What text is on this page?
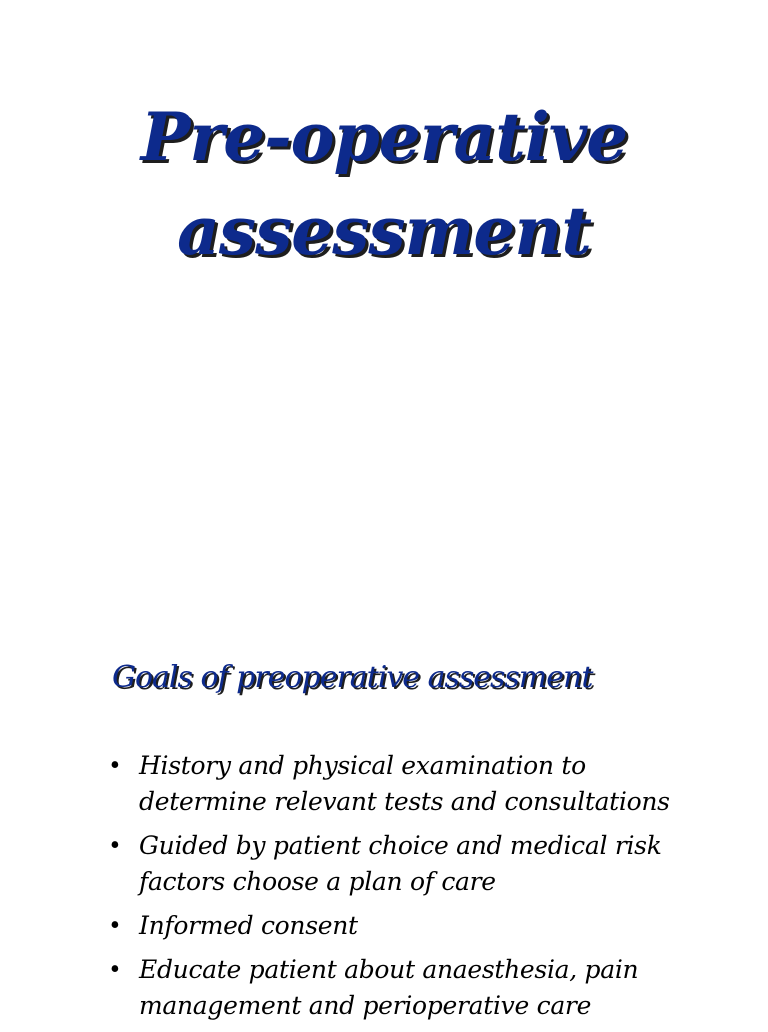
Pre-operative
assessment
Goals of preoperative assessment
• History and physical examination to
determine relevant tests and consultations
• Guided by patient choice and medical risk
factors choose a plan of care
• Informed consent
• Educate patient about anaesthesia, pain
management and perioperative care
